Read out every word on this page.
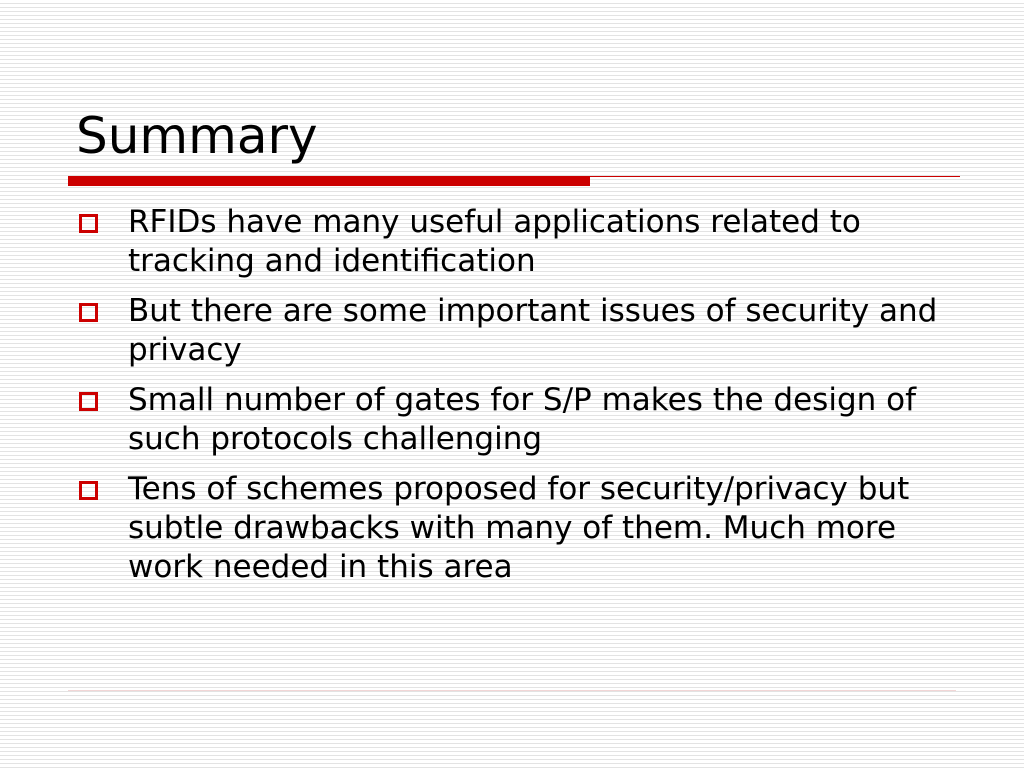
Summary
RFIDs have many useful applications related to tracking and identification
But there are some important issues of security and privacy
Small number of gates for S/P makes the design of such protocols challenging
Tens of schemes proposed for security/privacy but subtle drawbacks with many of them. Much more work needed in this area
